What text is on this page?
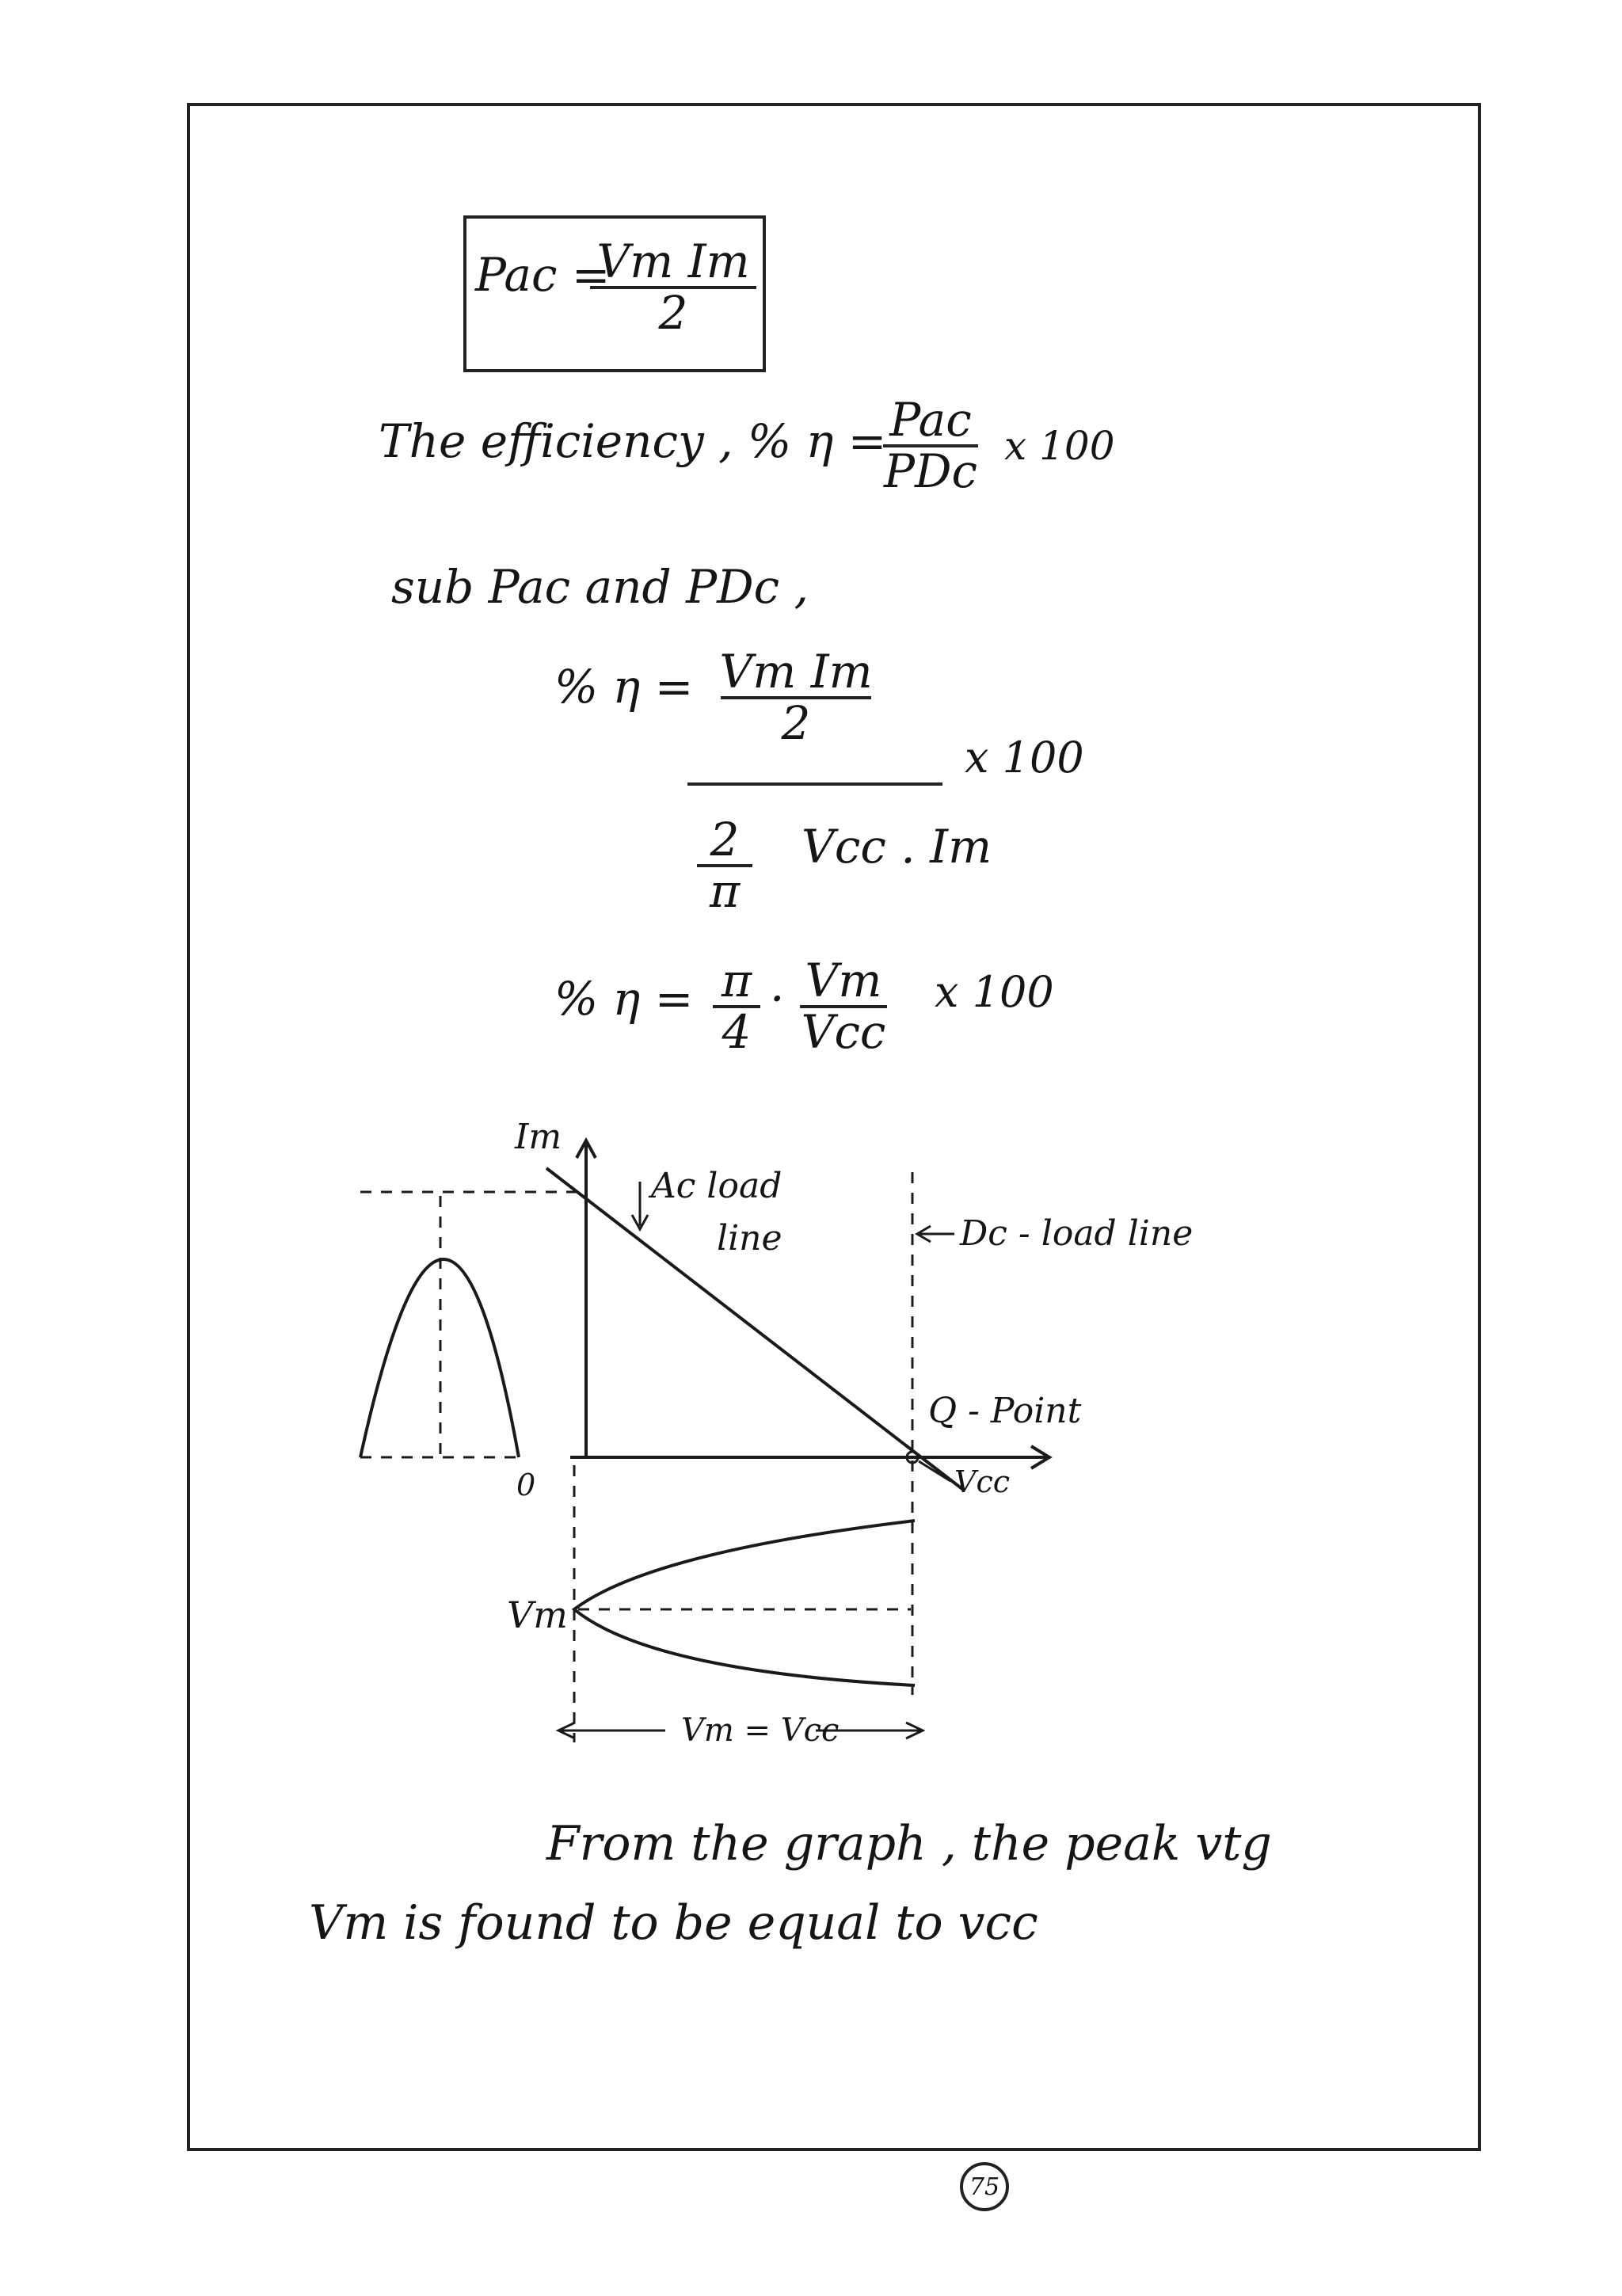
Pac =
Vm Im
2
The efficiency , % η = Pac
PDc x 100
sub Pac and PDc ,
% η = Vm Im
2
x 100
2
π
Vcc . Im
% η = π
4
· Vm
Vcc
x 100
Im
0	Vcc
Ac load
line	Dc - load line
Q - Point
Vm
Vm = Vcc
From the graph , the peak vtg
Vm is found to be equal to vcc
75
